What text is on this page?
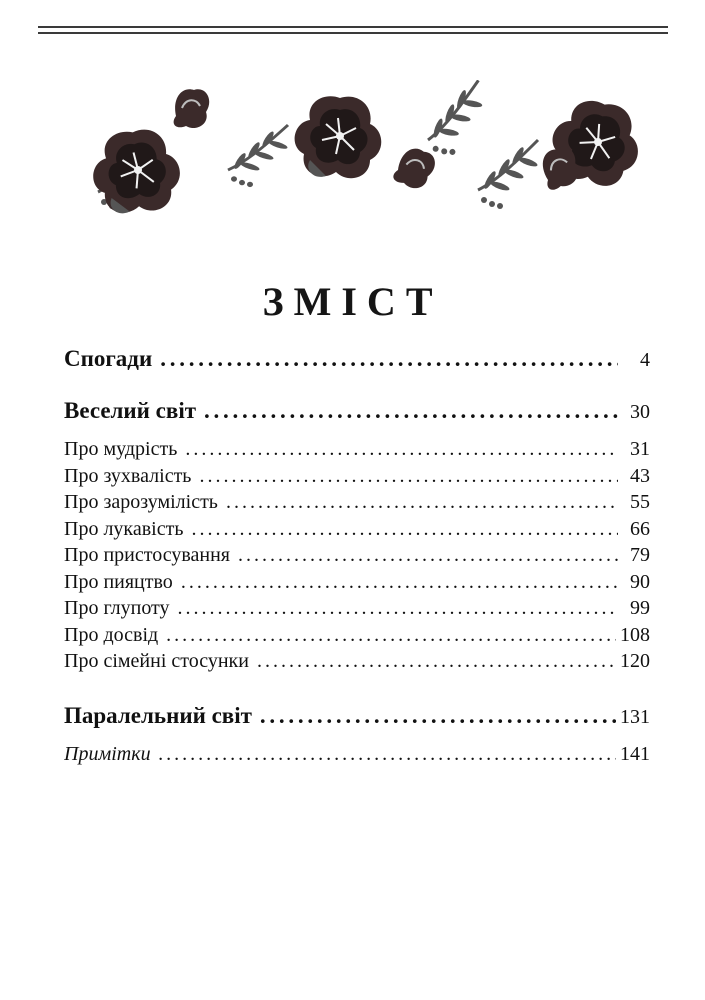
ЗМІСТ
Спогади . . .	4
Веселий світ . . .	30
Про мудрість . . .	31
Про зухвалість . . .	43
Про зарозумілість . . .	55
Про лукавість . . .	66
Про пристосування . . .	79
Про пияцтво . . .	90
Про глупоту . . .	99
Про досвід . . .	108
Про сімейні стосунки . . .	120
Паралельний світ . . .	131
Примітки . . .	141
